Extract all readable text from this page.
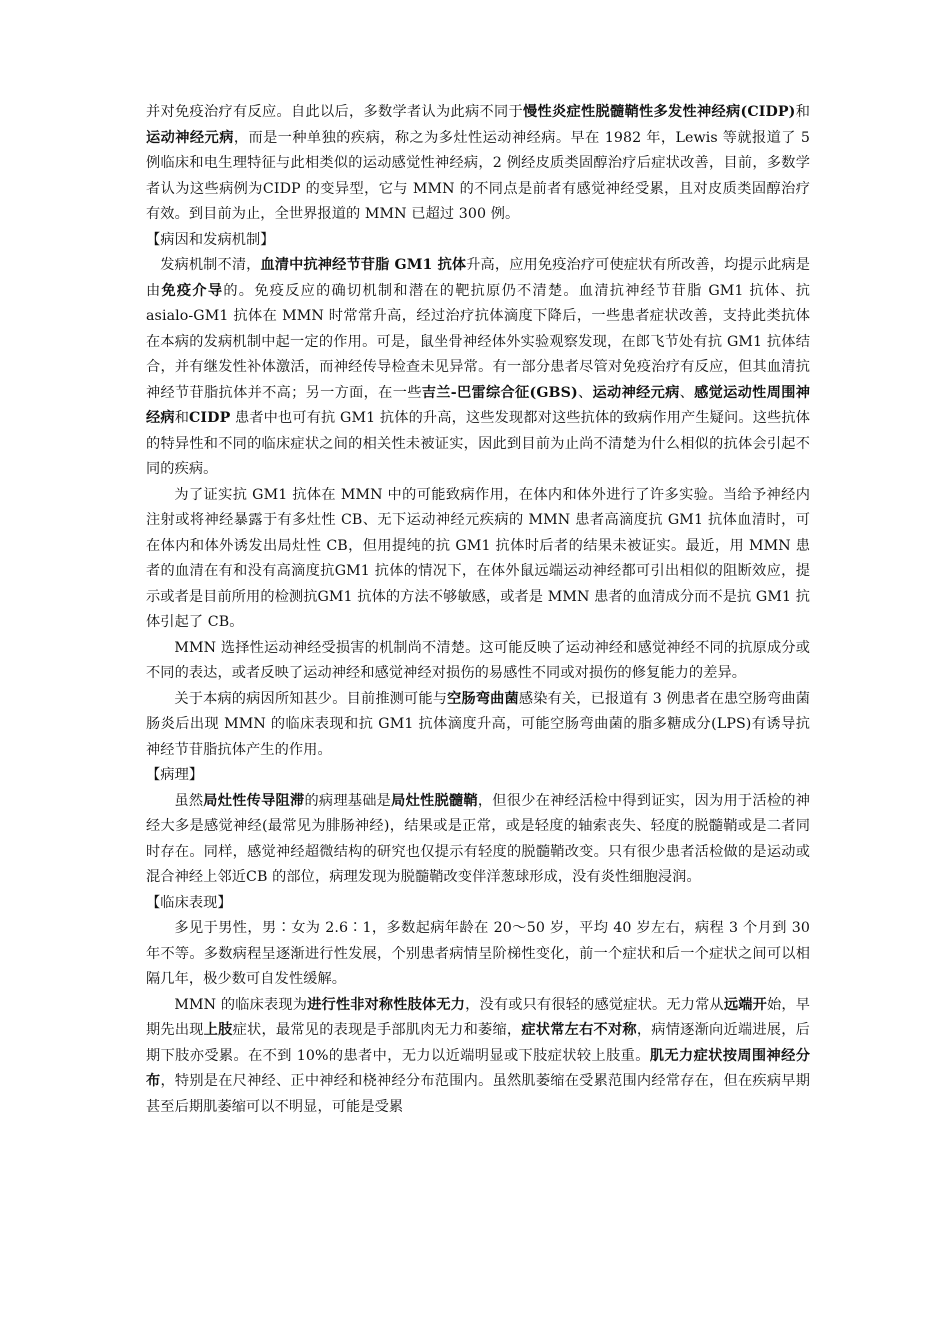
并对免疫治疗有反应。自此以后，多数学者认为此病不同于慢性炎症性脱髓鞘性多发性神经病(CIDP)和运动神经元病，而是一种单独的疾病，称之为多灶性运动神经病。早在 1982 年，Lewis 等就报道了 5 例临床和电生理特征与此相类似的运动感觉性神经病，2 例经皮质类固醇治疗后症状改善，目前，多数学者认为这些病例为CIDP 的变异型，它与 MMN 的不同点是前者有感觉神经受累，且对皮质类固醇治疗有效。到目前为止，全世界报道的 MMN 已超过 300 例。

【病因和发病机制】

发病机制不清，血清中抗神经节苷脂 GM1 抗体升高，应用免疫治疗可使症状有所改善，均提示此病是由免疫介导的。免疫反应的确切机制和潜在的靶抗原仍不清楚。血清抗神经节苷脂 GM1 抗体、抗 asialo-GM1 抗体在 MMN 时常常升高，经过治疗抗体滴度下降后，一些患者症状改善，支持此类抗体在本病的发病机制中起一定的作用。可是，鼠坐骨神经体外实验观察发现，在郎飞节处有抗 GM1 抗体结合，并有继发性补体激活，而神经传导检查未见异常。有一部分患者尽管对免疫治疗有反应，但其血清抗神经节苷脂抗体并不高；另一方面，在一些吉兰-巴雷综合征(GBS)、运动神经元病、感觉运动性周围神经病和CIDP 患者中也可有抗 GM1 抗体的升高，这些发现都对这些抗体的致病作用产生疑问。这些抗体的特异性和不同的临床症状之间的相关性未被证实，因此到目前为止尚不清楚为什么相似的抗体会引起不同的疾病。

为了证实抗 GM1 抗体在 MMN 中的可能致病作用，在体内和体外进行了许多实验。当给予神经内注射或将神经暴露于有多灶性 CB、无下运动神经元疾病的 MMN 患者高滴度抗 GM1 抗体血清时，可在体内和体外诱发出局灶性 CB，但用提纯的抗 GM1 抗体时后者的结果未被证实。最近，用 MMN 患者的血清在有和没有高滴度抗GM1 抗体的情况下，在体外鼠远端运动神经都可引出相似的阻断效应，提示或者是目前所用的检测抗GM1 抗体的方法不够敏感，或者是 MMN 患者的血清成分而不是抗 GM1 抗体引起了 CB。

MMN 选择性运动神经受损害的机制尚不清楚。这可能反映了运动神经和感觉神经不同的抗原成分或不同的表达，或者反映了运动神经和感觉神经对损伤的易感性不同或对损伤的修复能力的差异。

关于本病的病因所知甚少。目前推测可能与空肠弯曲菌感染有关，已报道有 3 例患者在患空肠弯曲菌肠炎后出现 MMN 的临床表现和抗 GM1 抗体滴度升高，可能空肠弯曲菌的脂多糖成分(LPS)有诱导抗神经节苷脂抗体产生的作用。

【病理】

虽然局灶性传导阻滞的病理基础是局灶性脱髓鞘，但很少在神经活检中得到证实，因为用于活检的神经大多是感觉神经(最常见为腓肠神经)，结果或是正常，或是轻度的轴索丧失、轻度的脱髓鞘或是二者同时存在。同样，感觉神经超微结构的研究也仅提示有轻度的脱髓鞘改变。只有很少患者活检做的是运动或混合神经上邻近CB 的部位，病理发现为脱髓鞘改变伴洋葱球形成，没有炎性细胞浸润。

【临床表现】

多见于男性，男∶女为 2.6∶1，多数起病年龄在 20～50 岁，平均 40 岁左右，病程 3 个月到 30 年不等。多数病程呈逐渐进行性发展，个别患者病情呈阶梯性变化，前一个症状和后一个症状之间可以相隔几年，极少数可自发性缓解。

MMN 的临床表现为进行性非对称性肢体无力，没有或只有很轻的感觉症状。无力常从远端开始，早期先出现上肢症状，最常见的表现是手部肌肉无力和萎缩，症状常左右不对称，病情逐渐向近端进展，后期下肢亦受累。在不到 10%的患者中，无力以近端明显或下肢症状较上肢重。肌无力症状按周围神经分布，特别是在尺神经、正中神经和桡神经分布范围内。虽然肌萎缩在受累范围内经常存在，但在疾病早期甚至后期肌萎缩可以不明显，可能是受累
